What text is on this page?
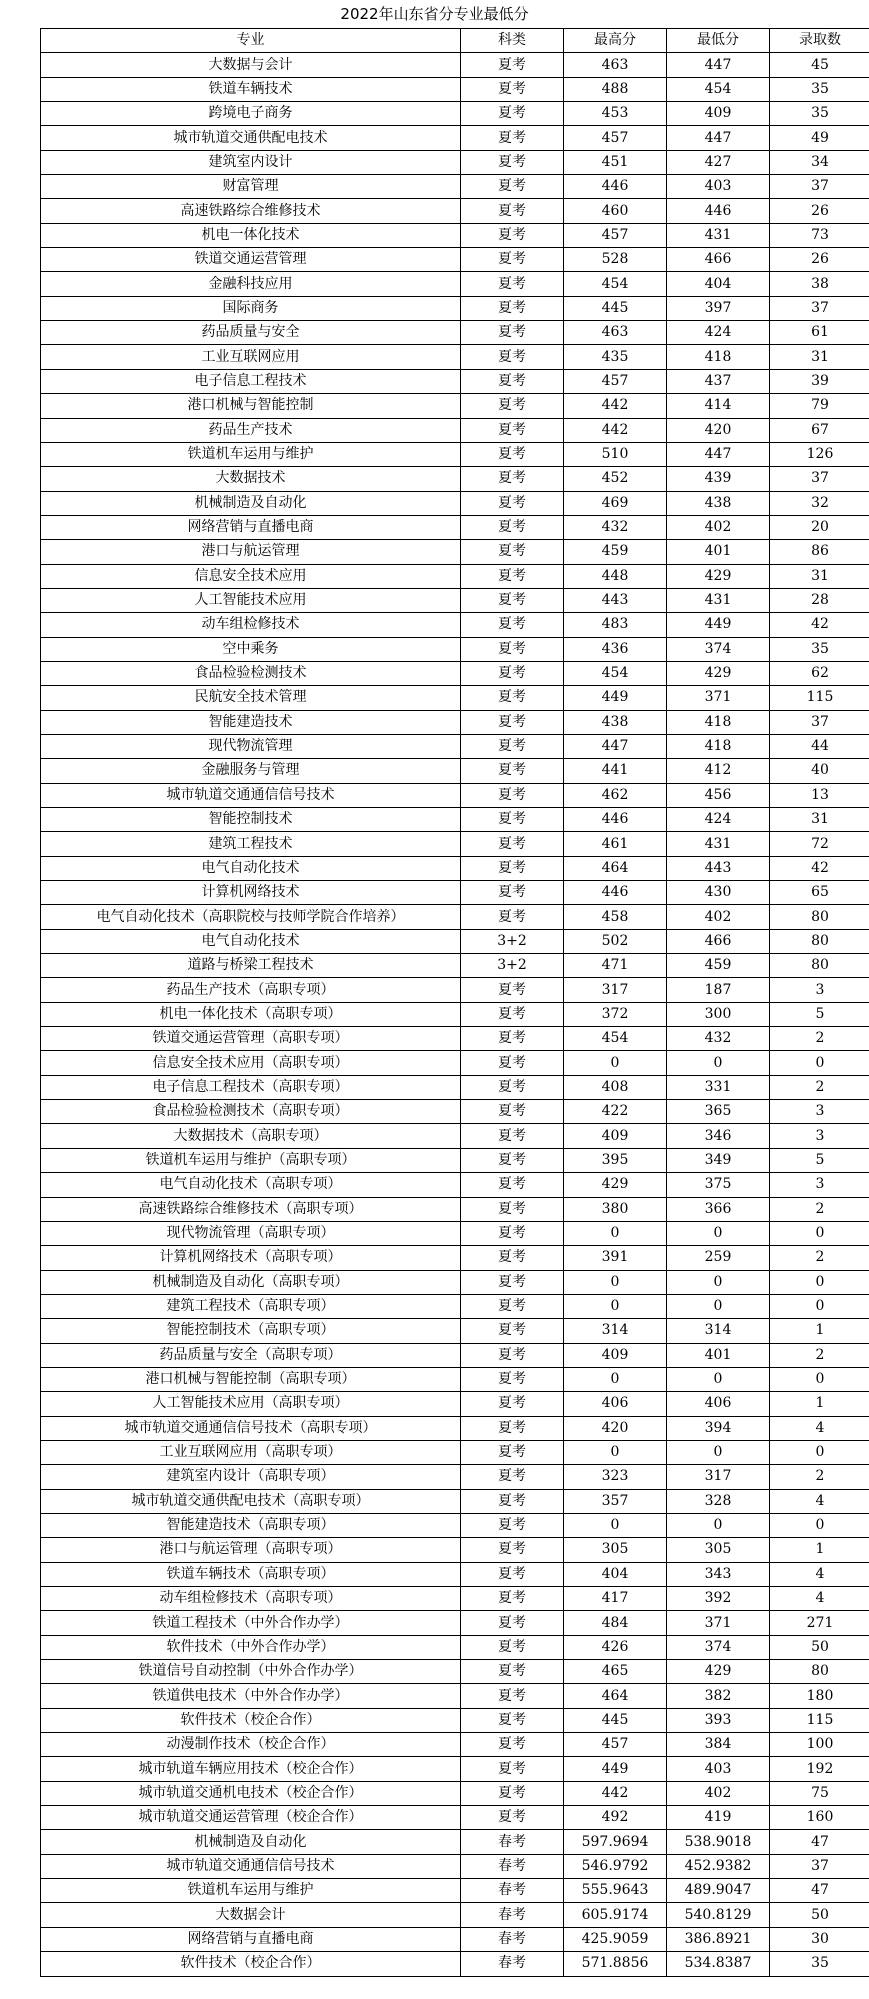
2022年山东省分专业最低分
专业	科类	最高分	最低分	录取数
大数据与会计	夏考	463	447	45
铁道车辆技术	夏考	488	454	35
跨境电子商务	夏考	453	409	35
城市轨道交通供配电技术	夏考	457	447	49
建筑室内设计	夏考	451	427	34
财富管理	夏考	446	403	37
高速铁路综合维修技术	夏考	460	446	26
机电一体化技术	夏考	457	431	73
铁道交通运营管理	夏考	528	466	26
金融科技应用	夏考	454	404	38
国际商务	夏考	445	397	37
药品质量与安全	夏考	463	424	61
工业互联网应用	夏考	435	418	31
电子信息工程技术	夏考	457	437	39
港口机械与智能控制	夏考	442	414	79
药品生产技术	夏考	442	420	67
铁道机车运用与维护	夏考	510	447	126
大数据技术	夏考	452	439	37
机械制造及自动化	夏考	469	438	32
网络营销与直播电商	夏考	432	402	20
港口与航运管理	夏考	459	401	86
信息安全技术应用	夏考	448	429	31
人工智能技术应用	夏考	443	431	28
动车组检修技术	夏考	483	449	42
空中乘务	夏考	436	374	35
食品检验检测技术	夏考	454	429	62
民航安全技术管理	夏考	449	371	115
智能建造技术	夏考	438	418	37
现代物流管理	夏考	447	418	44
金融服务与管理	夏考	441	412	40
城市轨道交通通信信号技术	夏考	462	456	13
智能控制技术	夏考	446	424	31
建筑工程技术	夏考	461	431	72
电气自动化技术	夏考	464	443	42
计算机网络技术	夏考	446	430	65
电气自动化技术（高职院校与技师学院合作培养）	夏考	458	402	80
电气自动化技术	3+2	502	466	80
道路与桥梁工程技术	3+2	471	459	80
药品生产技术（高职专项）	夏考	317	187	3
机电一体化技术（高职专项）	夏考	372	300	5
铁道交通运营管理（高职专项）	夏考	454	432	2
信息安全技术应用（高职专项）	夏考	0	0	0
电子信息工程技术（高职专项）	夏考	408	331	2
食品检验检测技术（高职专项）	夏考	422	365	3
大数据技术（高职专项）	夏考	409	346	3
铁道机车运用与维护（高职专项）	夏考	395	349	5
电气自动化技术（高职专项）	夏考	429	375	3
高速铁路综合维修技术（高职专项）	夏考	380	366	2
现代物流管理（高职专项）	夏考	0	0	0
计算机网络技术（高职专项）	夏考	391	259	2
机械制造及自动化（高职专项）	夏考	0	0	0
建筑工程技术（高职专项）	夏考	0	0	0
智能控制技术（高职专项）	夏考	314	314	1
药品质量与安全（高职专项）	夏考	409	401	2
港口机械与智能控制（高职专项）	夏考	0	0	0
人工智能技术应用（高职专项）	夏考	406	406	1
城市轨道交通通信信号技术（高职专项）	夏考	420	394	4
工业互联网应用（高职专项）	夏考	0	0	0
建筑室内设计（高职专项）	夏考	323	317	2
城市轨道交通供配电技术（高职专项）	夏考	357	328	4
智能建造技术（高职专项）	夏考	0	0	0
港口与航运管理（高职专项）	夏考	305	305	1
铁道车辆技术（高职专项）	夏考	404	343	4
动车组检修技术（高职专项）	夏考	417	392	4
铁道工程技术（中外合作办学）	夏考	484	371	271
软件技术（中外合作办学）	夏考	426	374	50
铁道信号自动控制（中外合作办学）	夏考	465	429	80
铁道供电技术（中外合作办学）	夏考	464	382	180
软件技术（校企合作）	夏考	445	393	115
动漫制作技术（校企合作）	夏考	457	384	100
城市轨道车辆应用技术（校企合作）	夏考	449	403	192
城市轨道交通机电技术（校企合作）	夏考	442	402	75
城市轨道交通运营管理（校企合作）	夏考	492	419	160
机械制造及自动化	春考	597.9694	538.9018	47
城市轨道交通通信信号技术	春考	546.9792	452.9382	37
铁道机车运用与维护	春考	555.9643	489.9047	47
大数据会计	春考	605.9174	540.8129	50
网络营销与直播电商	春考	425.9059	386.8921	30
软件技术（校企合作）	春考	571.8856	534.8387	35
